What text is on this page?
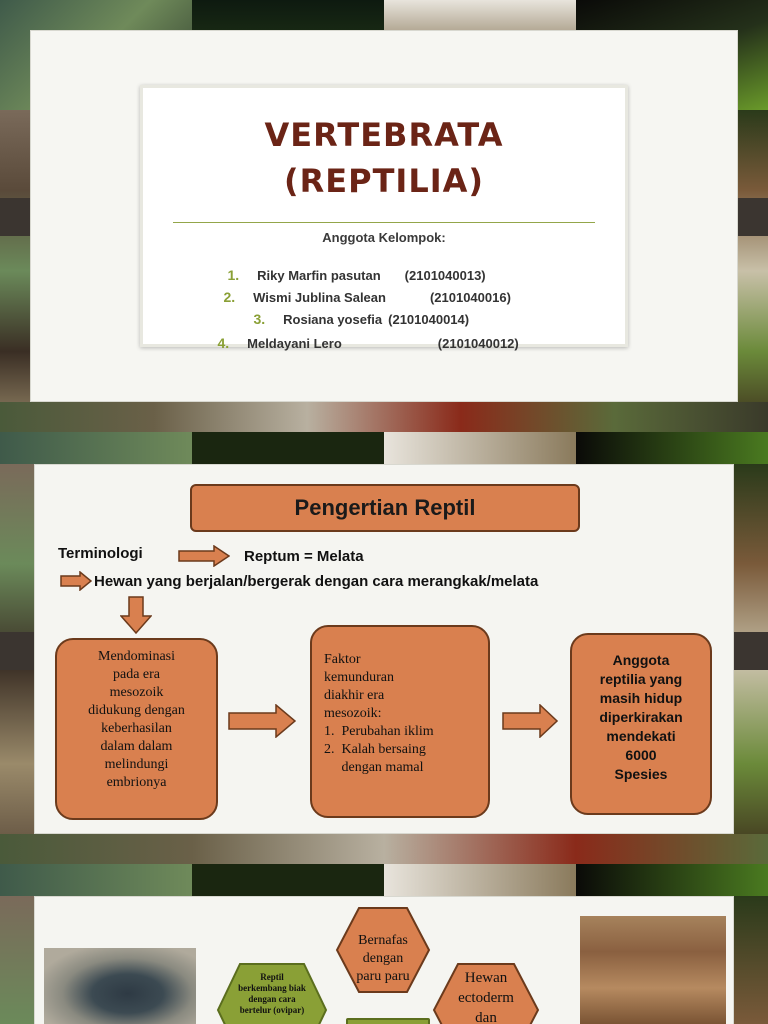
VERTEBRATA
(REPTILIA)
Anggota Kelompok:

1. Riky Marfin pasutan (2101040013)

2. Wismi Jublina Salean	(2101040016)

3. Rosiana yosefia (2101040014)

4. Meldayani Lero	(2101040012)

Pengertian Reptil
Terminologi	Reptum = Melata
Hewan yang berjalan/bergerak dengan cara merangkak/melata
Mendominasi
pada era
mesozoik
didukung dengan
keberhasilan
dalam dalam
melindungi
embrionya
Faktor
kemunduran
diakhir era
mesozoik:
1.  Perubahan iklim
2.  Kalah bersaing
dengan mamal
Anggota
reptilia yang
masih hidup
diperkirakan
mendekati
6000
Spesies
Bernafas
dengan
paru paru	Hewan
ectoderm
dan
Reptil
berkembang biak
dengan cara
bertelur (ovipar)
